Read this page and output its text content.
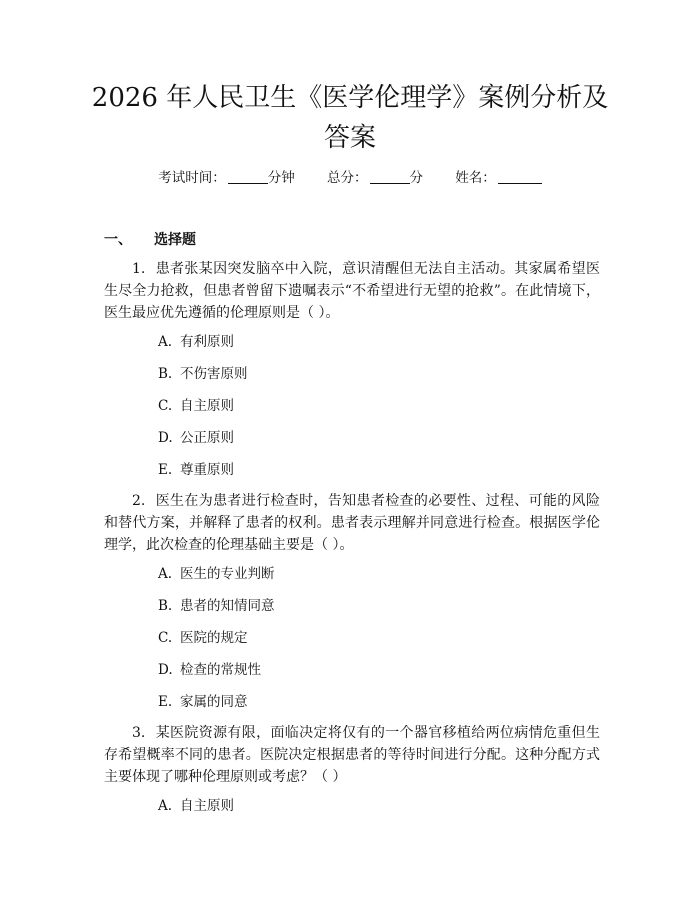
2026 年人民卫生《医学伦理学》案例分析及
答案
考试时间：	分钟 总分：	分 姓名：
一、 选择题

1. 患者张某因突发脑卒中入院，意识清醒但无法自主活动。其家属希望医生尽全力抢救，但患者曾留下遗嘱表示“不希望进行无望的抢救”。在此情境下，医生最应优先遵循的伦理原则是（ ）。

A. 有利原则
B. 不伤害原则
C. 自主原则
D. 公正原则
E. 尊重原则

2. 医生在为患者进行检查时，告知患者检查的必要性、过程、可能的风险和替代方案，并解释了患者的权利。患者表示理解并同意进行检查。根据医学伦理学，此次检查的伦理基础主要是（ ）。

A. 医生的专业判断
B. 患者的知情同意
C. 医院的规定
D. 检查的常规性
E. 家属的同意

3. 某医院资源有限，面临决定将仅有的一个器官移植给两位病情危重但生存希望概率不同的患者。医院决定根据患者的等待时间进行分配。这种分配方式主要体现了哪种伦理原则或考虑？（ ）

A. 自主原则
